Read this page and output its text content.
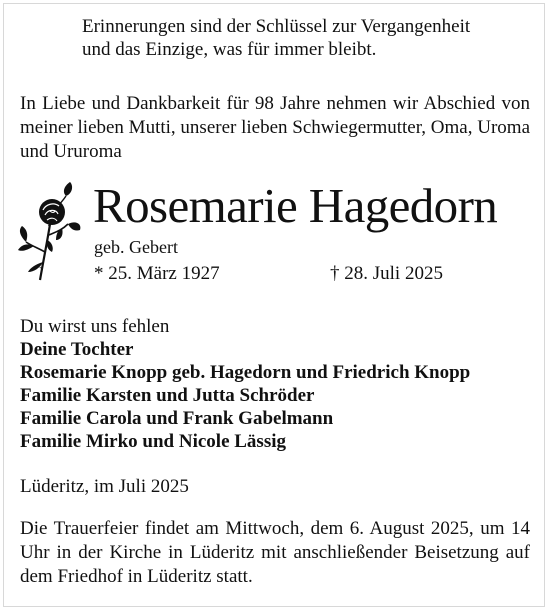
Erinnerungen sind der Schlüssel zur Vergangenheit
und das Einzige, was für immer bleibt.
In Liebe und Dankbarkeit für 98 Jahre nehmen wir Abschied von meiner lieben Mutti, unserer lieben Schwiegermutter, Oma, Uroma und Ururoma
Rosemarie Hagedorn
geb. Gebert
* 25. März 1927	† 28. Juli 2025
Du wirst uns fehlen
Deine Tochter
Rosemarie Knopp geb. Hagedorn und Friedrich Knopp
Familie Karsten und Jutta Schröder
Familie Carola und Frank Gabelmann
Familie Mirko und Nicole Lässig
Lüderitz, im Juli 2025
Die Trauerfeier findet am Mittwoch, dem 6. August 2025, um 14 Uhr in der Kirche in Lüderitz mit anschließender Beisetzung auf dem Friedhof in Lüderitz statt.
